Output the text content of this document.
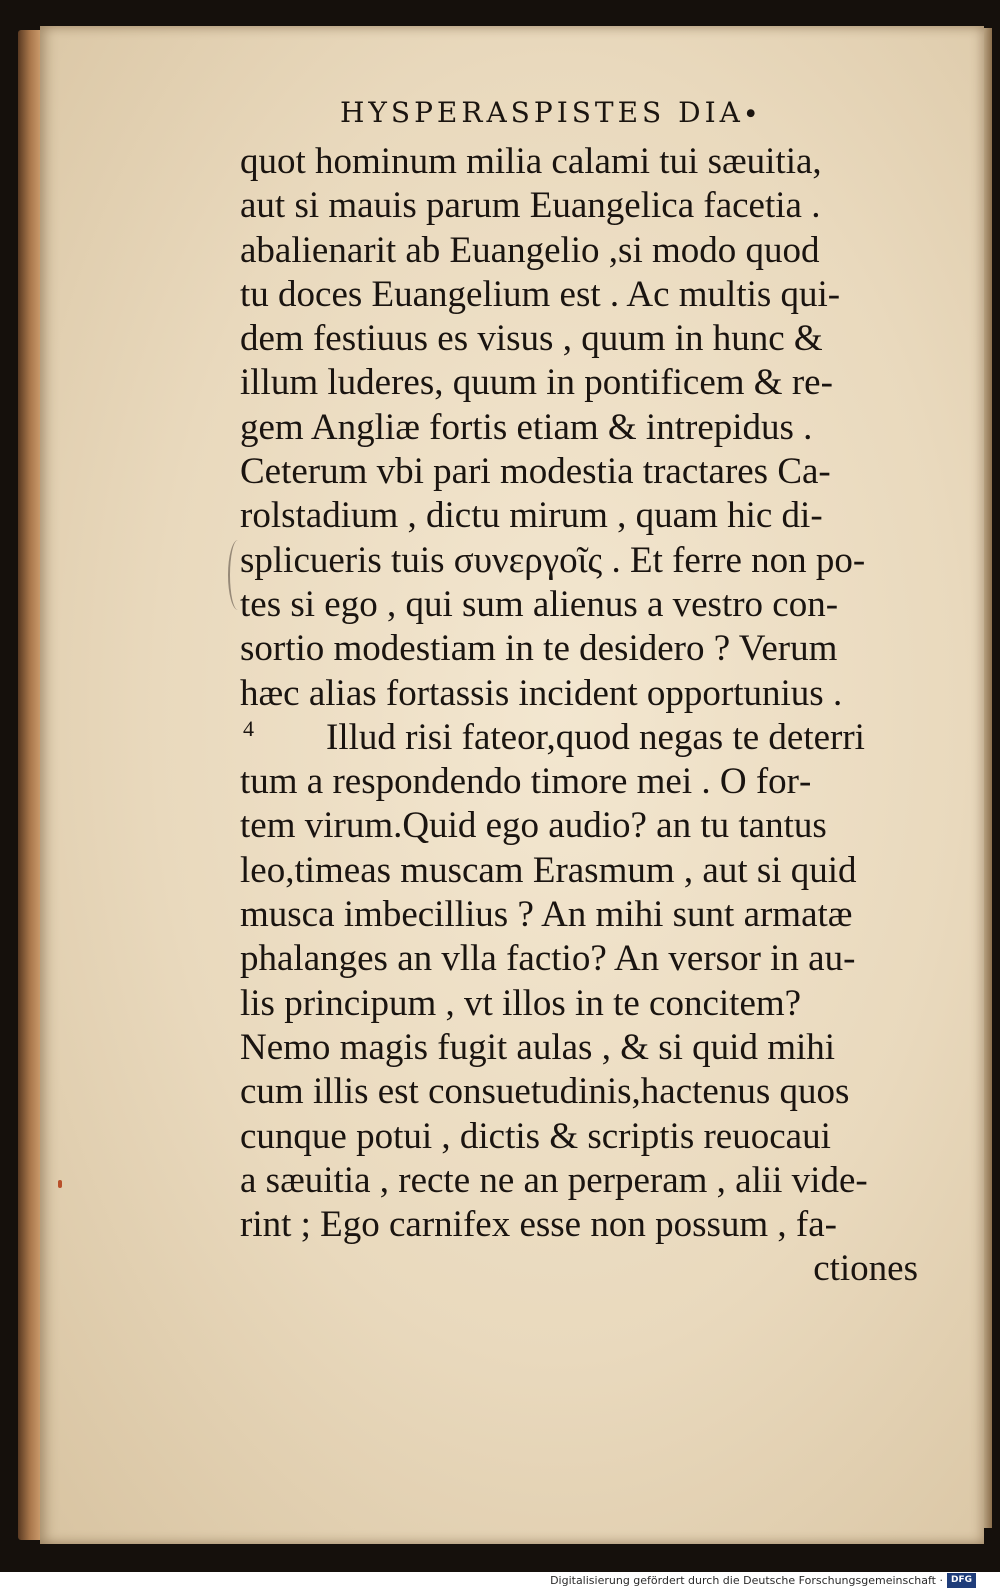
HYSPERASPISTES DIA∙
4
quot hominum milia calami tui sæuitia,
aut si mauis parum Euangelica facetia .
abalienarit ab Euangelio ,si modo quod
tu doces Euangelium est . Ac multis qui‐
dem festiuus es visus , quum in hunc &
illum luderes, quum in pontificem & re‐
gem Angliæ fortis etiam & intrepidus .
Ceterum vbi pari modestia tractares Ca‐
rolstadium , dictu mirum , quam hic di‐
splicueris tuis συνεργοῖς . Et ferre non po‐
tes si ego , qui sum alienus a vestro con‐
sortio modestiam in te desidero ? Verum
hæc alias fortassis incident opportunius .
Illud risi fateor,quod negas te deterri
tum a respondendo timore mei . O for‐
tem virum.Quid ego audio? an tu tantus
leo,timeas muscam Erasmum , aut si quid
musca imbecillius ? An mihi sunt armatæ
phalanges an vlla factio? An versor in au‐
lis principum , vt illos in te concitem?
Nemo magis fugit aulas , & si quid mihi
cum illis est consuetudinis,hactenus quos
cunque potui , dictis & scriptis reuocaui
a sæuitia , recte ne an perperam , alii vide‐
rint ; Ego carnifex esse non possum , fa‐
ctiones
Digitalisierung gefördert durch die Deutsche Forschungsgemeinschaft · DFG
